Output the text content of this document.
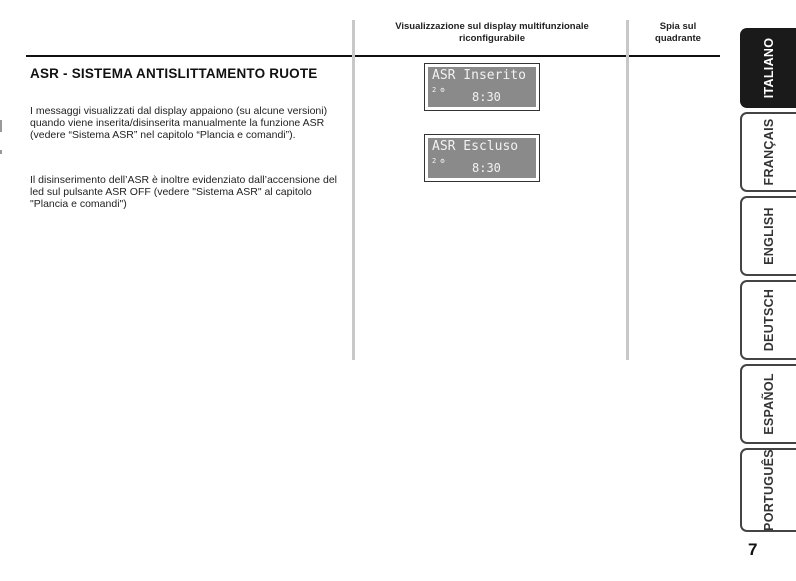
Visualizzazione sul display multifunzionale riconfigurabile
Spia sul quadrante
ASR - SISTEMA ANTISLITTAMENTO RUOTE
I messaggi visualizzati dal display appaiono (su alcune versioni) quando viene inserita/disinserita manualmente la funzione ASR (vedere “Sistema ASR” nel capitolo “Plancia e comandi”).
Il disinserimento dell’ASR è inoltre evidenziato dall’accensione del led sul pulsante ASR OFF (vedere "Sistema ASR" al capitolo "Plancia e comandi")
ASR Inserito
2 ⚙ 8:30
ASR Escluso
2 ⚙ 8:30
ITALIANO
FRANÇAIS
ENGLISH
DEUTSCH
ESPAÑOL
PORTUGUÊS
7
